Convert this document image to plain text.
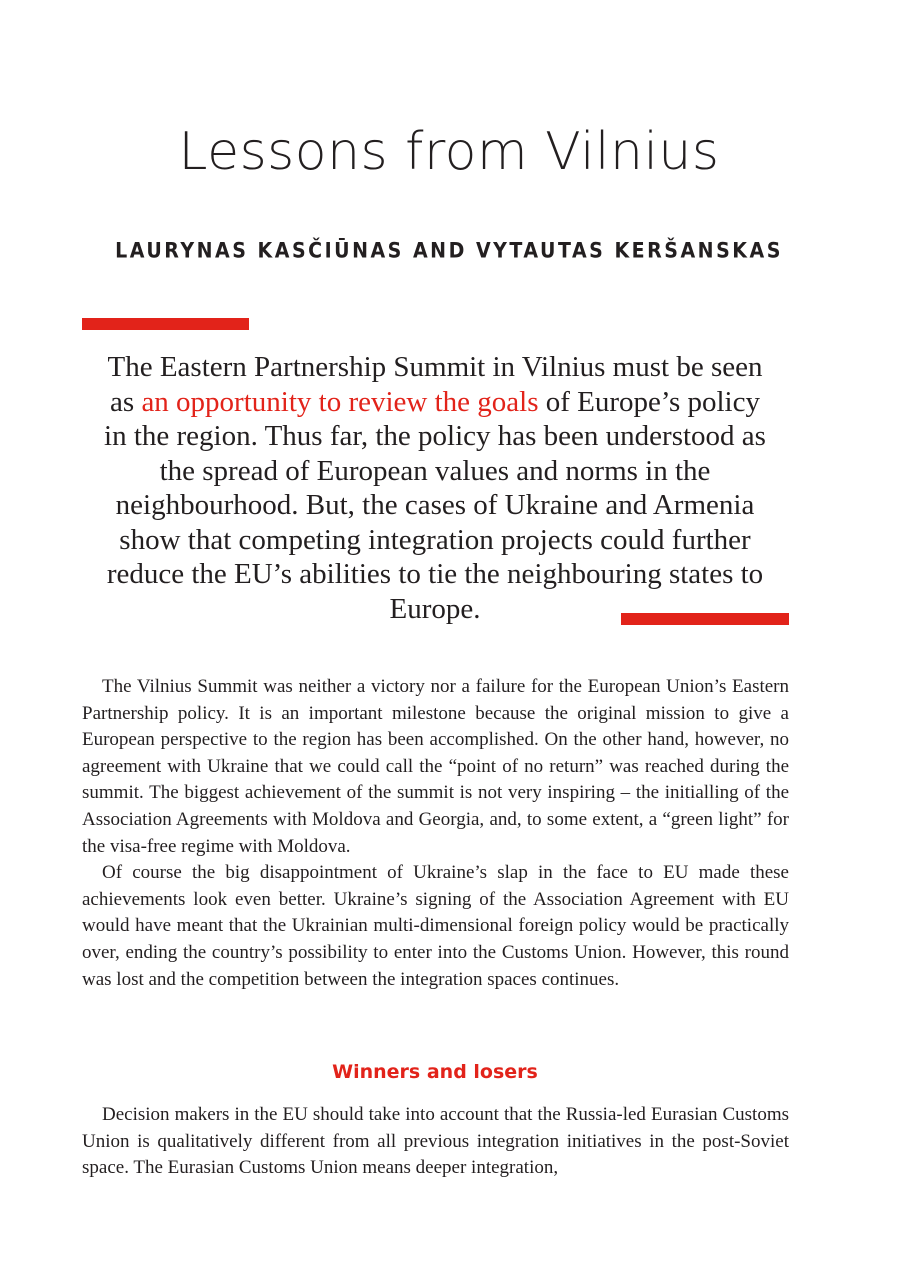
Lessons from Vilnius
LAURYNAS KASČIŪNAS AND VYTAUTAS KERŠANSKAS

The Eastern Partnership Summit in Vilnius must be seen as an opportunity to review the goals of Europe’s policy in the region. Thus far, the policy has been understood as the spread of European values and norms in the neighbourhood. But, the cases of Ukraine and Armenia show that competing integration projects could further reduce the EU’s abilities to tie the neighbouring states to Europe.

The Vilnius Summit was neither a victory nor a failure for the European Union’s Eastern Partnership policy. It is an important milestone because the original mission to give a European perspective to the region has been accomplished. On the other hand, however, no agreement with Ukraine that we could call the “point of no return” was reached during the summit. The biggest achievement of the summit is not very inspiring – the initialling of the Association Agreements with Moldova and Georgia, and, to some extent, a “green light” for the visa-free regime with Moldova.

Of course the big disappointment of Ukraine’s slap in the face to EU made these achievements look even better. Ukraine’s signing of the Association Agreement with EU would have meant that the Ukrainian multi-dimensional foreign policy would be practically over, ending the country’s possibility to enter into the Customs Union. However, this round was lost and the competition between the integration spaces continues.

Winners and losers

Decision makers in the EU should take into account that the Russia-led Eurasian Customs Union is qualitatively different from all previous integration initiatives in the post-Soviet space. The Eurasian Customs Union means deeper integration,
